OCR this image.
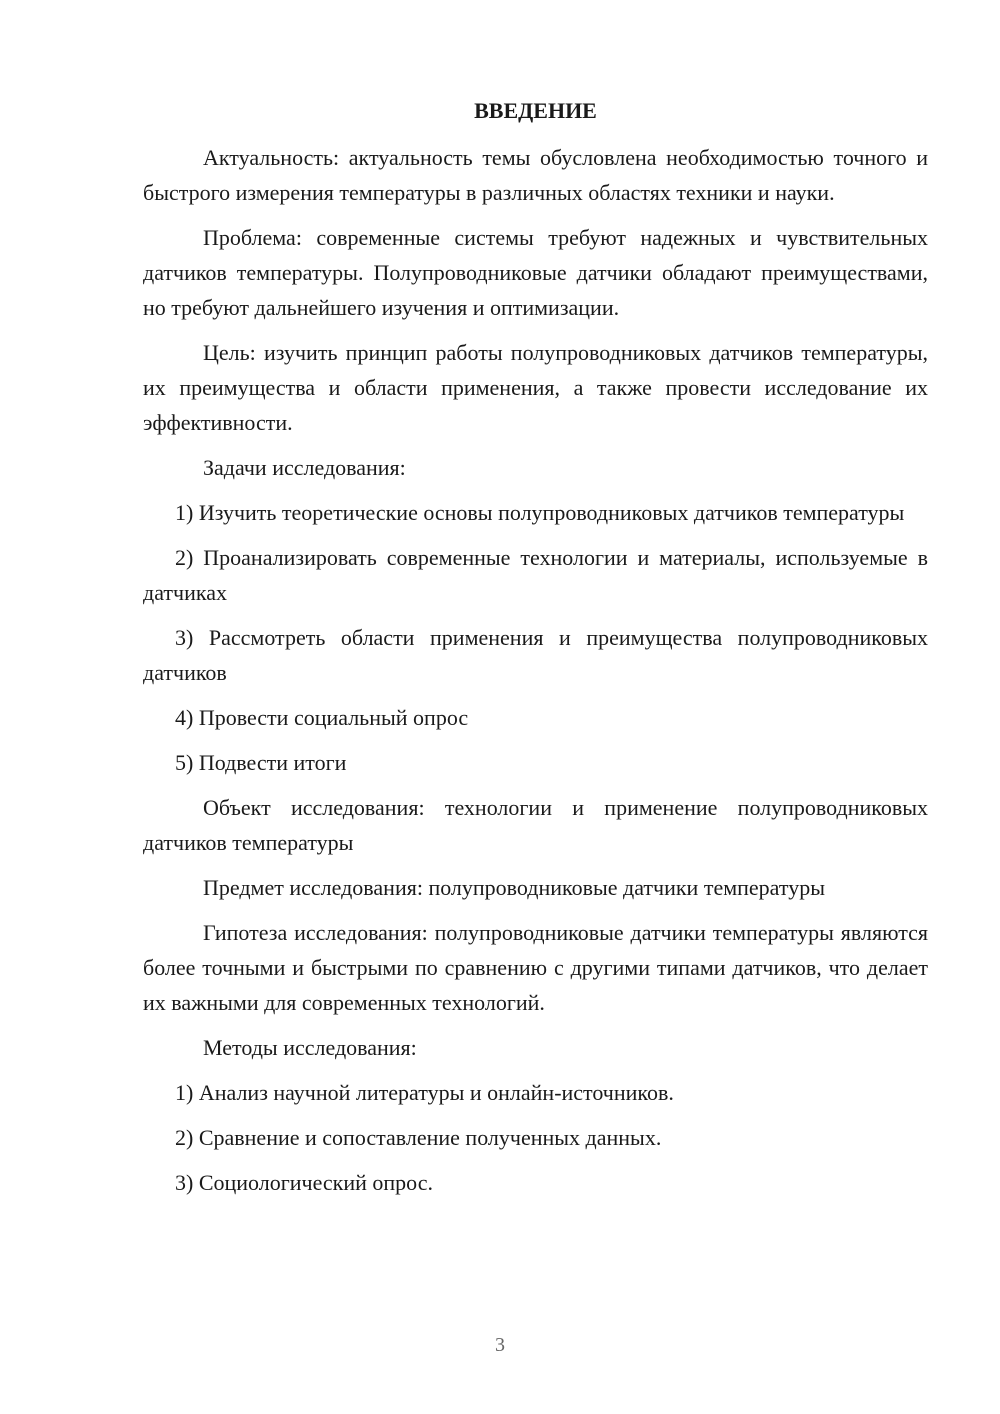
ВВЕДЕНИЕ

Актуальность: актуальность темы обусловлена необходимостью точного и быстрого измерения температуры в различных областях техники и науки.

Проблема: современные системы требуют надежных и чувствительных датчиков температуры. Полупроводниковые датчики обладают преимуществами, но требуют дальнейшего изучения и оптимизации.

Цель: изучить принцип работы полупроводниковых датчиков температуры, их преимущества и области применения, а также провести исследование их эффективности.

Задачи исследования:

1) Изучить теоретические основы полупроводниковых датчиков температуры

2) Проанализировать современные технологии и материалы, используемые в датчиках

3) Рассмотреть области применения и преимущества полупроводниковых датчиков

4) Провести социальный опрос

5) Подвести итоги

Объект исследования: технологии и применение полупроводниковых датчиков температуры

Предмет исследования: полупроводниковые датчики температуры

Гипотеза исследования: полупроводниковые датчики температуры являются более точными и быстрыми по сравнению с другими типами датчиков, что делает их важными для современных технологий.

Методы исследования:

1) Анализ научной литературы и онлайн-источников.

2) Сравнение и сопоставление полученных данных.

3) Социологический опрос.

3
